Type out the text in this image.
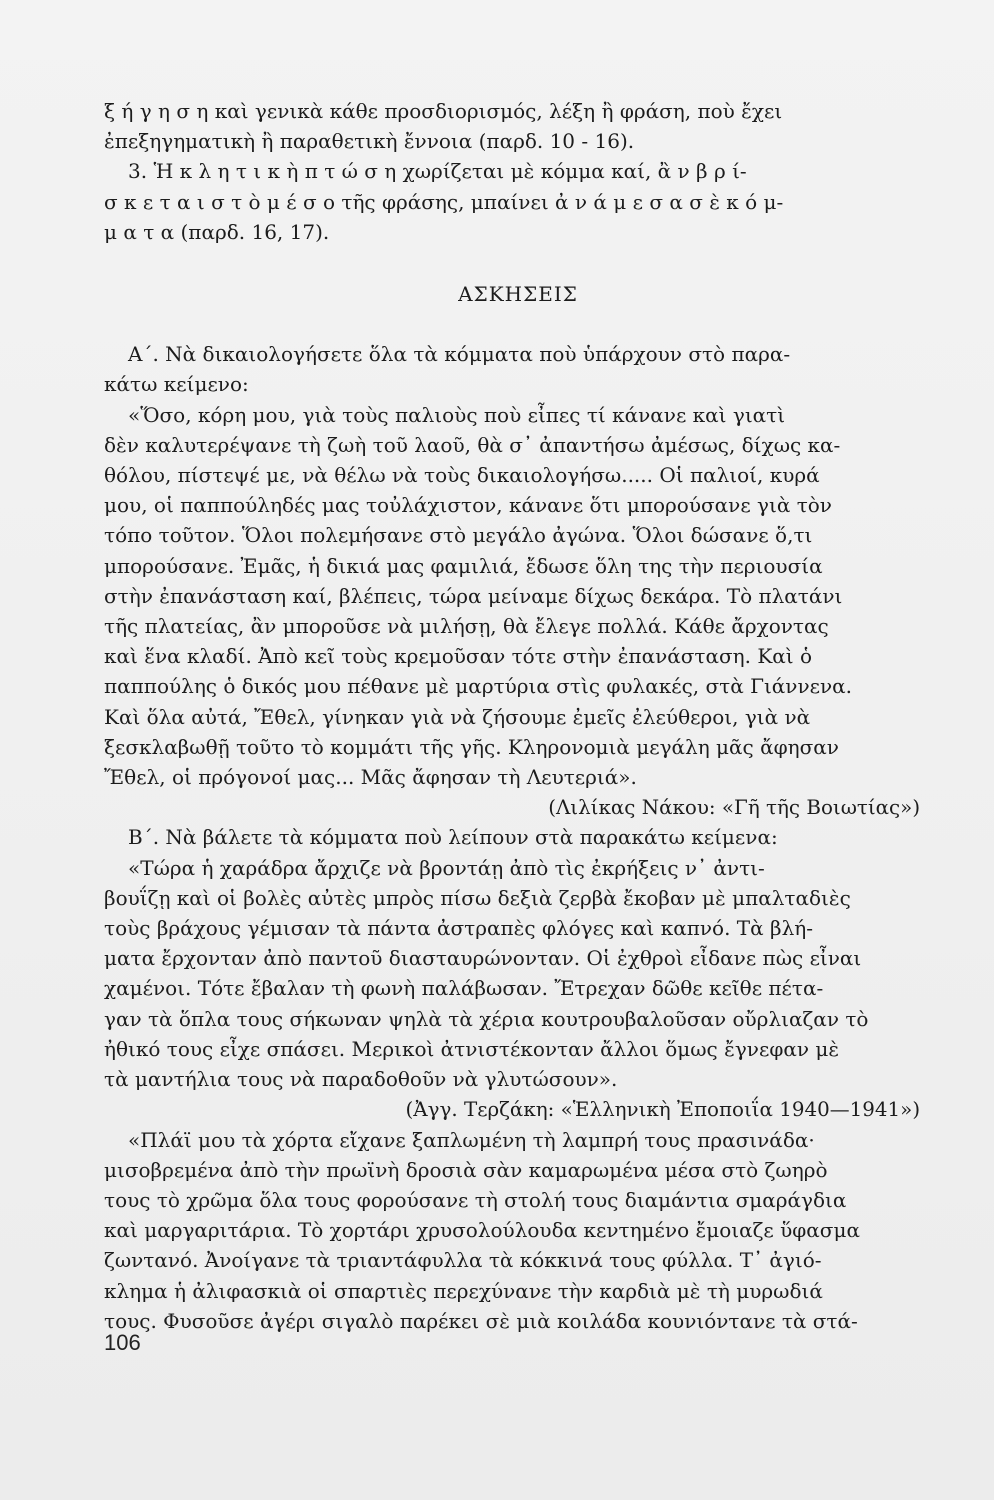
ξ ή γ η σ η καὶ γενικὰ κάθε προσδιορισμός, λέξη ἢ φράση, ποὺ ἔχει
ἐπεξηγηματικὴ ἢ παραθετικὴ ἔννοια (παρδ. 10 - 16).
3. Ἡ κ λ η τ ι κ ὴ π τ ώ σ η χωρίζεται μὲ κόμμα καί, ἂ ν β ρ ί-
σ κ ε τ α ι σ τ ὸ μ έ σ ο τῆς φράσης, μπαίνει ἀ ν ά μ ε σ α σ ὲ κ ό μ-
μ α τ α (παρδ. 16, 17).
ΑΣΚΗΣΕΙΣ
Α΄. Νὰ δικαιολογήσετε ὅλα τὰ κόμματα ποὺ ὑπάρχουν στὸ παρα-
κάτω κείμενο:
«Ὅσο, κόρη μου, γιὰ τοὺς παλιοὺς ποὺ εἶπες τί κάνανε καὶ γιατὶ
δὲν καλυτερέψανε τὴ ζωὴ τοῦ λαοῦ, θὰ σ᾿ ἀπαντήσω ἀμέσως, δίχως κα-
θόλου, πίστεψέ με, νὰ θέλω νὰ τοὺς δικαιολογήσω..... Οἱ παλιοί, κυρά
μου, οἱ παππούληδές μας τοὐλάχιστον, κάνανε ὅτι μπορούσανε γιὰ τὸν
τόπο τοῦτον. Ὅλοι πολεμήσανε στὸ μεγάλο ἀγώνα. Ὅλοι δώσανε ὅ,τι
μπορούσανε. Ἐμᾶς, ἡ δικιά μας φαμιλιά, ἔδωσε ὅλη της τὴν περιουσία
στὴν ἐπανάσταση καί, βλέπεις, τώρα μείναμε δίχως δεκάρα. Τὸ πλατάνι
τῆς πλατείας, ἂν μποροῦσε νὰ μιλήσῃ, θὰ ἔλεγε πολλά. Κάθε ἄρχοντας
καὶ ἕνα κλαδί. Ἀπὸ κεῖ τοὺς κρεμοῦσαν τότε στὴν ἐπανάσταση. Καὶ ὁ
παππούλης ὁ δικός μου πέθανε μὲ μαρτύρια στὶς φυλακές, στὰ Γιάννενα.
Καὶ ὅλα αὐτά, Ἔθελ, γίνηκαν γιὰ νὰ ζήσουμε ἐμεῖς ἐλεύθεροι, γιὰ νὰ
ξεσκλαβωθῇ τοῦτο τὸ κομμάτι τῆς γῆς. Κληρονομιὰ μεγάλη μᾶς ἄφησαν
Ἔθελ, οἱ πρόγονοί μας... Μᾶς ἄφησαν τὴ Λευτεριά».
(Λιλίκας Νάκου: «Γῆ τῆς Βοιωτίας»)
Β΄. Νὰ βάλετε τὰ κόμματα ποὺ λείπουν στὰ παρακάτω κείμενα:
«Τώρα ἡ χαράδρα ἄρχιζε νὰ βροντάῃ ἀπὸ τὶς ἐκρήξεις ν᾿ ἀντι-
βουΐζῃ καὶ οἱ βολὲς αὐτὲς μπρὸς πίσω δεξιὰ ζερβὰ ἔκοβαν μὲ μπαλταδιὲς
τοὺς βράχους γέμισαν τὰ πάντα ἀστραπὲς φλόγες καὶ καπνό. Τὰ βλή-
ματα ἔρχονταν ἀπὸ παντοῦ διασταυρώνονταν. Οἱ ἐχθροὶ εἶδανε πὼς εἶναι
χαμένοι. Τότε ἔβαλαν τὴ φωνὴ παλάβωσαν. Ἔτρεχαν δῶθε κεῖθε πέτα-
γαν τὰ ὅπλα τους σήκωναν ψηλὰ τὰ χέρια κουτρουβαλοῦσαν οὔρλιαζαν τὸ
ἠθικό τους εἶχε σπάσει. Μερικοὶ ἀτνιστέκονταν ἄλλοι ὅμως ἔγνεφαν μὲ
τὰ μαντήλια τους νὰ παραδοθοῦν νὰ γλυτώσουν».
(Ἀγγ. Τερζάκη: «Ἑλληνικὴ Ἐποποιΐα 1940—1941»)
«Πλάϊ μου τὰ χόρτα εἴχανε ξαπλωμένη τὴ λαμπρή τους πρασινάδα·
μισοβρεμένα ἀπὸ τὴν πρωϊνὴ δροσιὰ σὰν καμαρωμένα μέσα στὸ ζωηρὸ
τους τὸ χρῶμα ὅλα τους φορούσανε τὴ στολή τους διαμάντια σμαράγδια
καὶ μαργαριτάρια. Τὸ χορτάρι χρυσολούλουδα κεντημένο ἔμοιαζε ὕφασμα
ζωντανό. Ἀνοίγανε τὰ τριαντάφυλλα τὰ κόκκινά τους φύλλα. Τ᾿ ἀγιό-
κλημα ἡ ἀλιφασκιὰ οἱ σπαρτιὲς περεχύνανε τὴν καρδιὰ μὲ τὴ μυρωδιά
τους. Φυσοῦσε ἀγέρι σιγαλὸ παρέκει σὲ μιὰ κοιλάδα κουνιόντανε τὰ στά-
106
